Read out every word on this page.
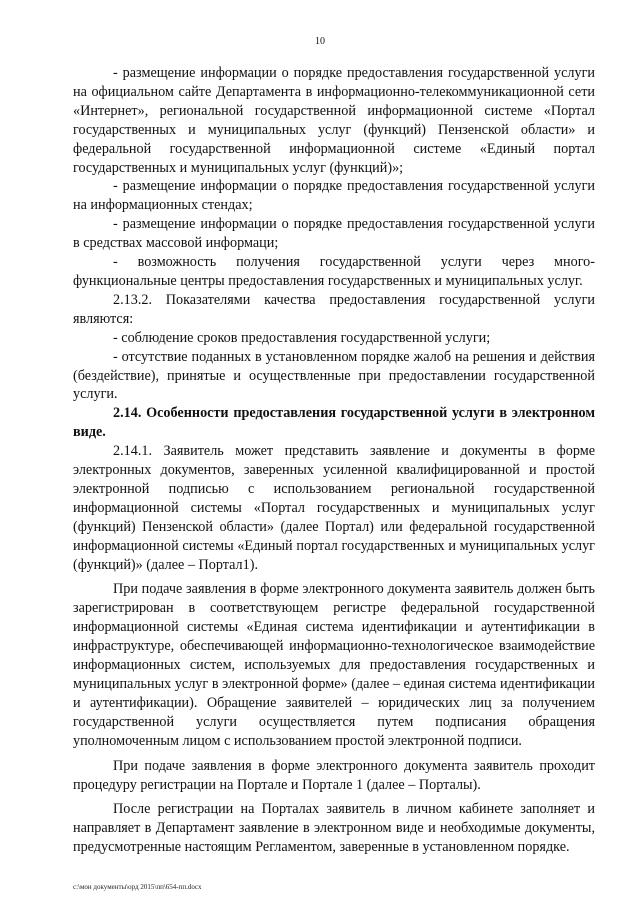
10

- размещение информации о порядке предоставления государственной услуги на официальном сайте Департамента в информационно-телекоммуникационной сети «Интернет», региональной государственной информационной системе «Портал государственных и муниципальных услуг (функций) Пензенской области» и федеральной государственной информационной системе «Единый портал государственных и муниципальных услуг (функций)»;

- размещение информации о порядке предоставления государственной услуги на информационных стендах;

- размещение информации о порядке предоставления государственной услуги в средствах массовой информаци;

- возможность получения государственной услуги через много-функциональные центры предоставления государственных и муниципальных услуг.

2.13.2. Показателями качества предоставления государственной услуги являются:

- соблюдение сроков предоставления государственной услуги;

- отсутствие поданных в установленном порядке жалоб на решения и действия (бездействие), принятые и осуществленные при предоставлении государственной услуги.

2.14. Особенности предоставления государственной услуги в электронном виде.

2.14.1. Заявитель может представить заявление и документы в форме электронных документов, заверенных усиленной квалифицированной и простой электронной подписью с использованием региональной государственной информационной системы «Портал государственных и муниципальных услуг (функций) Пензенской области» (далее Портал) или федеральной государственной информационной системы «Единый портал государственных и муниципальных услуг (функций)» (далее – Портал1).

При подаче заявления в форме электронного документа заявитель должен быть зарегистрирован в соответствующем регистре федеральной государственной информационной системы «Единая система идентификации и аутентификации в инфраструктуре, обеспечивающей информационно-технологическое взаимодействие информационных систем, используемых для предоставления государственных и муниципальных услуг в электронной форме» (далее – единая система идентификации и аутентификации). Обращение заявителей – юридических лиц за получением государственной услуги осуществляется путем подписания обращения уполномоченным лицом с использованием простой электронной подписи.

При подаче заявления в форме электронного документа заявитель проходит процедуру регистрации на Портале и Портале 1 (далее – Порталы).

После регистрации на Порталах заявитель в личном кабинете заполняет и направляет в Департамент заявление в электронном виде и необходимые документы, предусмотренные настоящим Регламентом, заверенные в установленном порядке.

c:\мои документы\орд 2015\пп\654-пп.docx
